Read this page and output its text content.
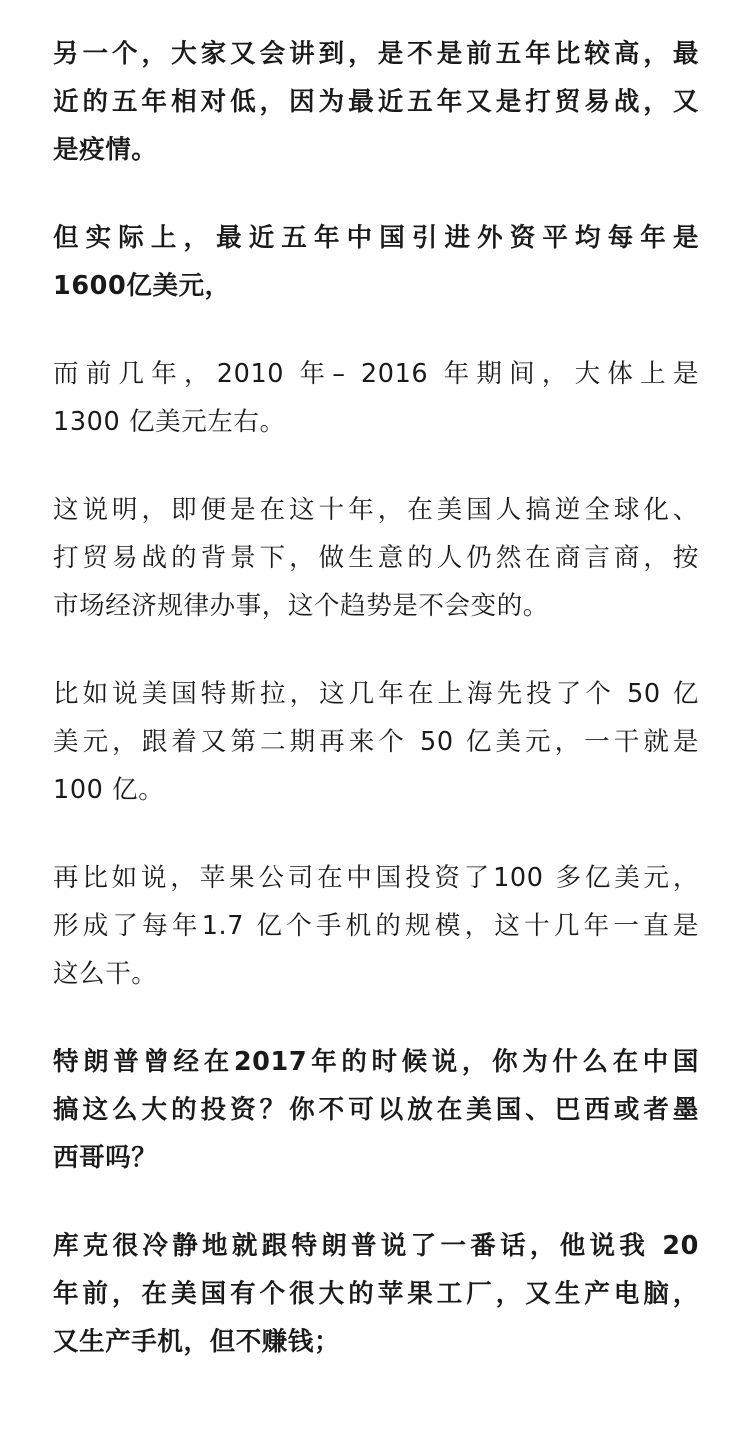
另一个，大家又会讲到，是不是前五年比较高，最
近的五年相对低，因为最近五年又是打贸易战，又
是疫情。

但实际上，最近五年中国引进外资平均每年是
1600亿美元，

而前几年，2010 年– 2016 年期间，大体上是
1300 亿美元左右。

这说明，即便是在这十年，在美国人搞逆全球化、
打贸易战的背景下，做生意的人仍然在商言商，按
市场经济规律办事，这个趋势是不会变的。

比如说美国特斯拉，这几年在上海先投了个 50 亿
美元，跟着又第二期再来个 50 亿美元，一干就是
100 亿。

再比如说，苹果公司在中国投资了100 多亿美元，
形成了每年1.7 亿个手机的规模，这十几年一直是
这么干。

特朗普曾经在2017年的时候说，你为什么在中国
搞这么大的投资？你不可以放在美国、巴西或者墨
西哥吗？

库克很冷静地就跟特朗普说了一番话，他说我 20
年前，在美国有个很大的苹果工厂，又生产电脑，
又生产手机，但不赚钱；
